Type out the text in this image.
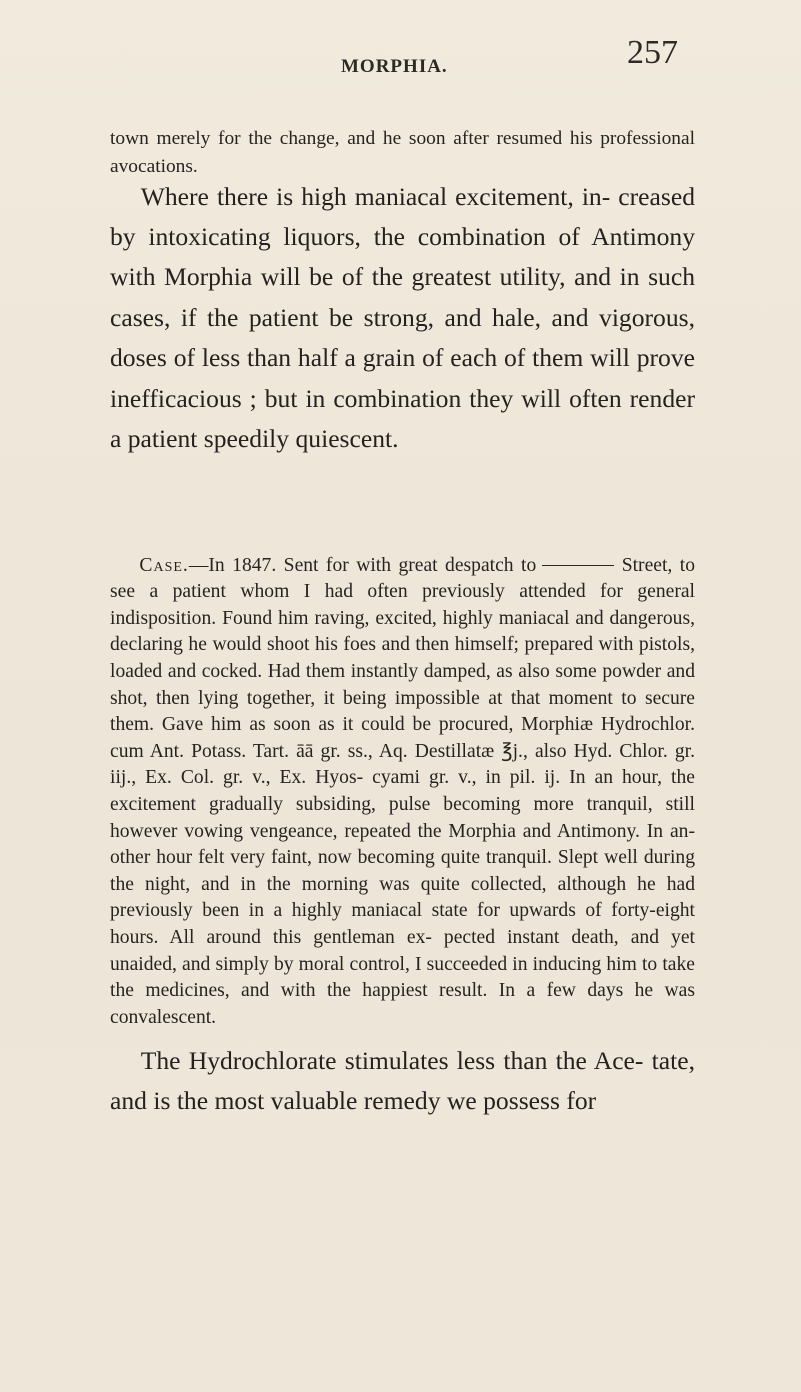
MORPHIA.	257

town merely for the change, and he soon after resumed his professional avocations.

Where there is high maniacal excitement, in- creased by intoxicating liquors, the combination of Antimony with Morphia will be of the greatest utility, and in such cases, if the patient be strong, and hale, and vigorous, doses of less than half a grain of each of them will prove inefficacious ; but in combination they will often render a patient speedily quiescent.

Case.—In 1847. Sent for with great despatch to	Street, to see a patient whom I had often previously attended for general indisposition. Found him raving, excited, highly maniacal and dangerous, declaring he would shoot his foes and then himself; prepared with pistols, loaded and cocked. Had them instantly damped, as also some powder and shot, then lying together, it being impossible at that moment to secure them. Gave him as soon as it could be procured, Morphiæ Hydrochlor. cum Ant. Potass. Tart. āā gr. ss., Aq. Destillatæ ℥j., also Hyd. Chlor. gr. iij., Ex. Col. gr. v., Ex. Hyos- cyami gr. v., in pil. ij. In an hour, the excitement gradually subsiding, pulse becoming more tranquil, still however vowing vengeance, repeated the Morphia and Antimony. In an- other hour felt very faint, now becoming quite tranquil. Slept well during the night, and in the morning was quite collected, although he had previously been in a highly maniacal state for upwards of forty-eight hours. All around this gentleman ex- pected instant death, and yet unaided, and simply by moral control, I succeeded in inducing him to take the medicines, and with the happiest result. In a few days he was convalescent.

The Hydrochlorate stimulates less than the Ace- tate, and is the most valuable remedy we possess for
